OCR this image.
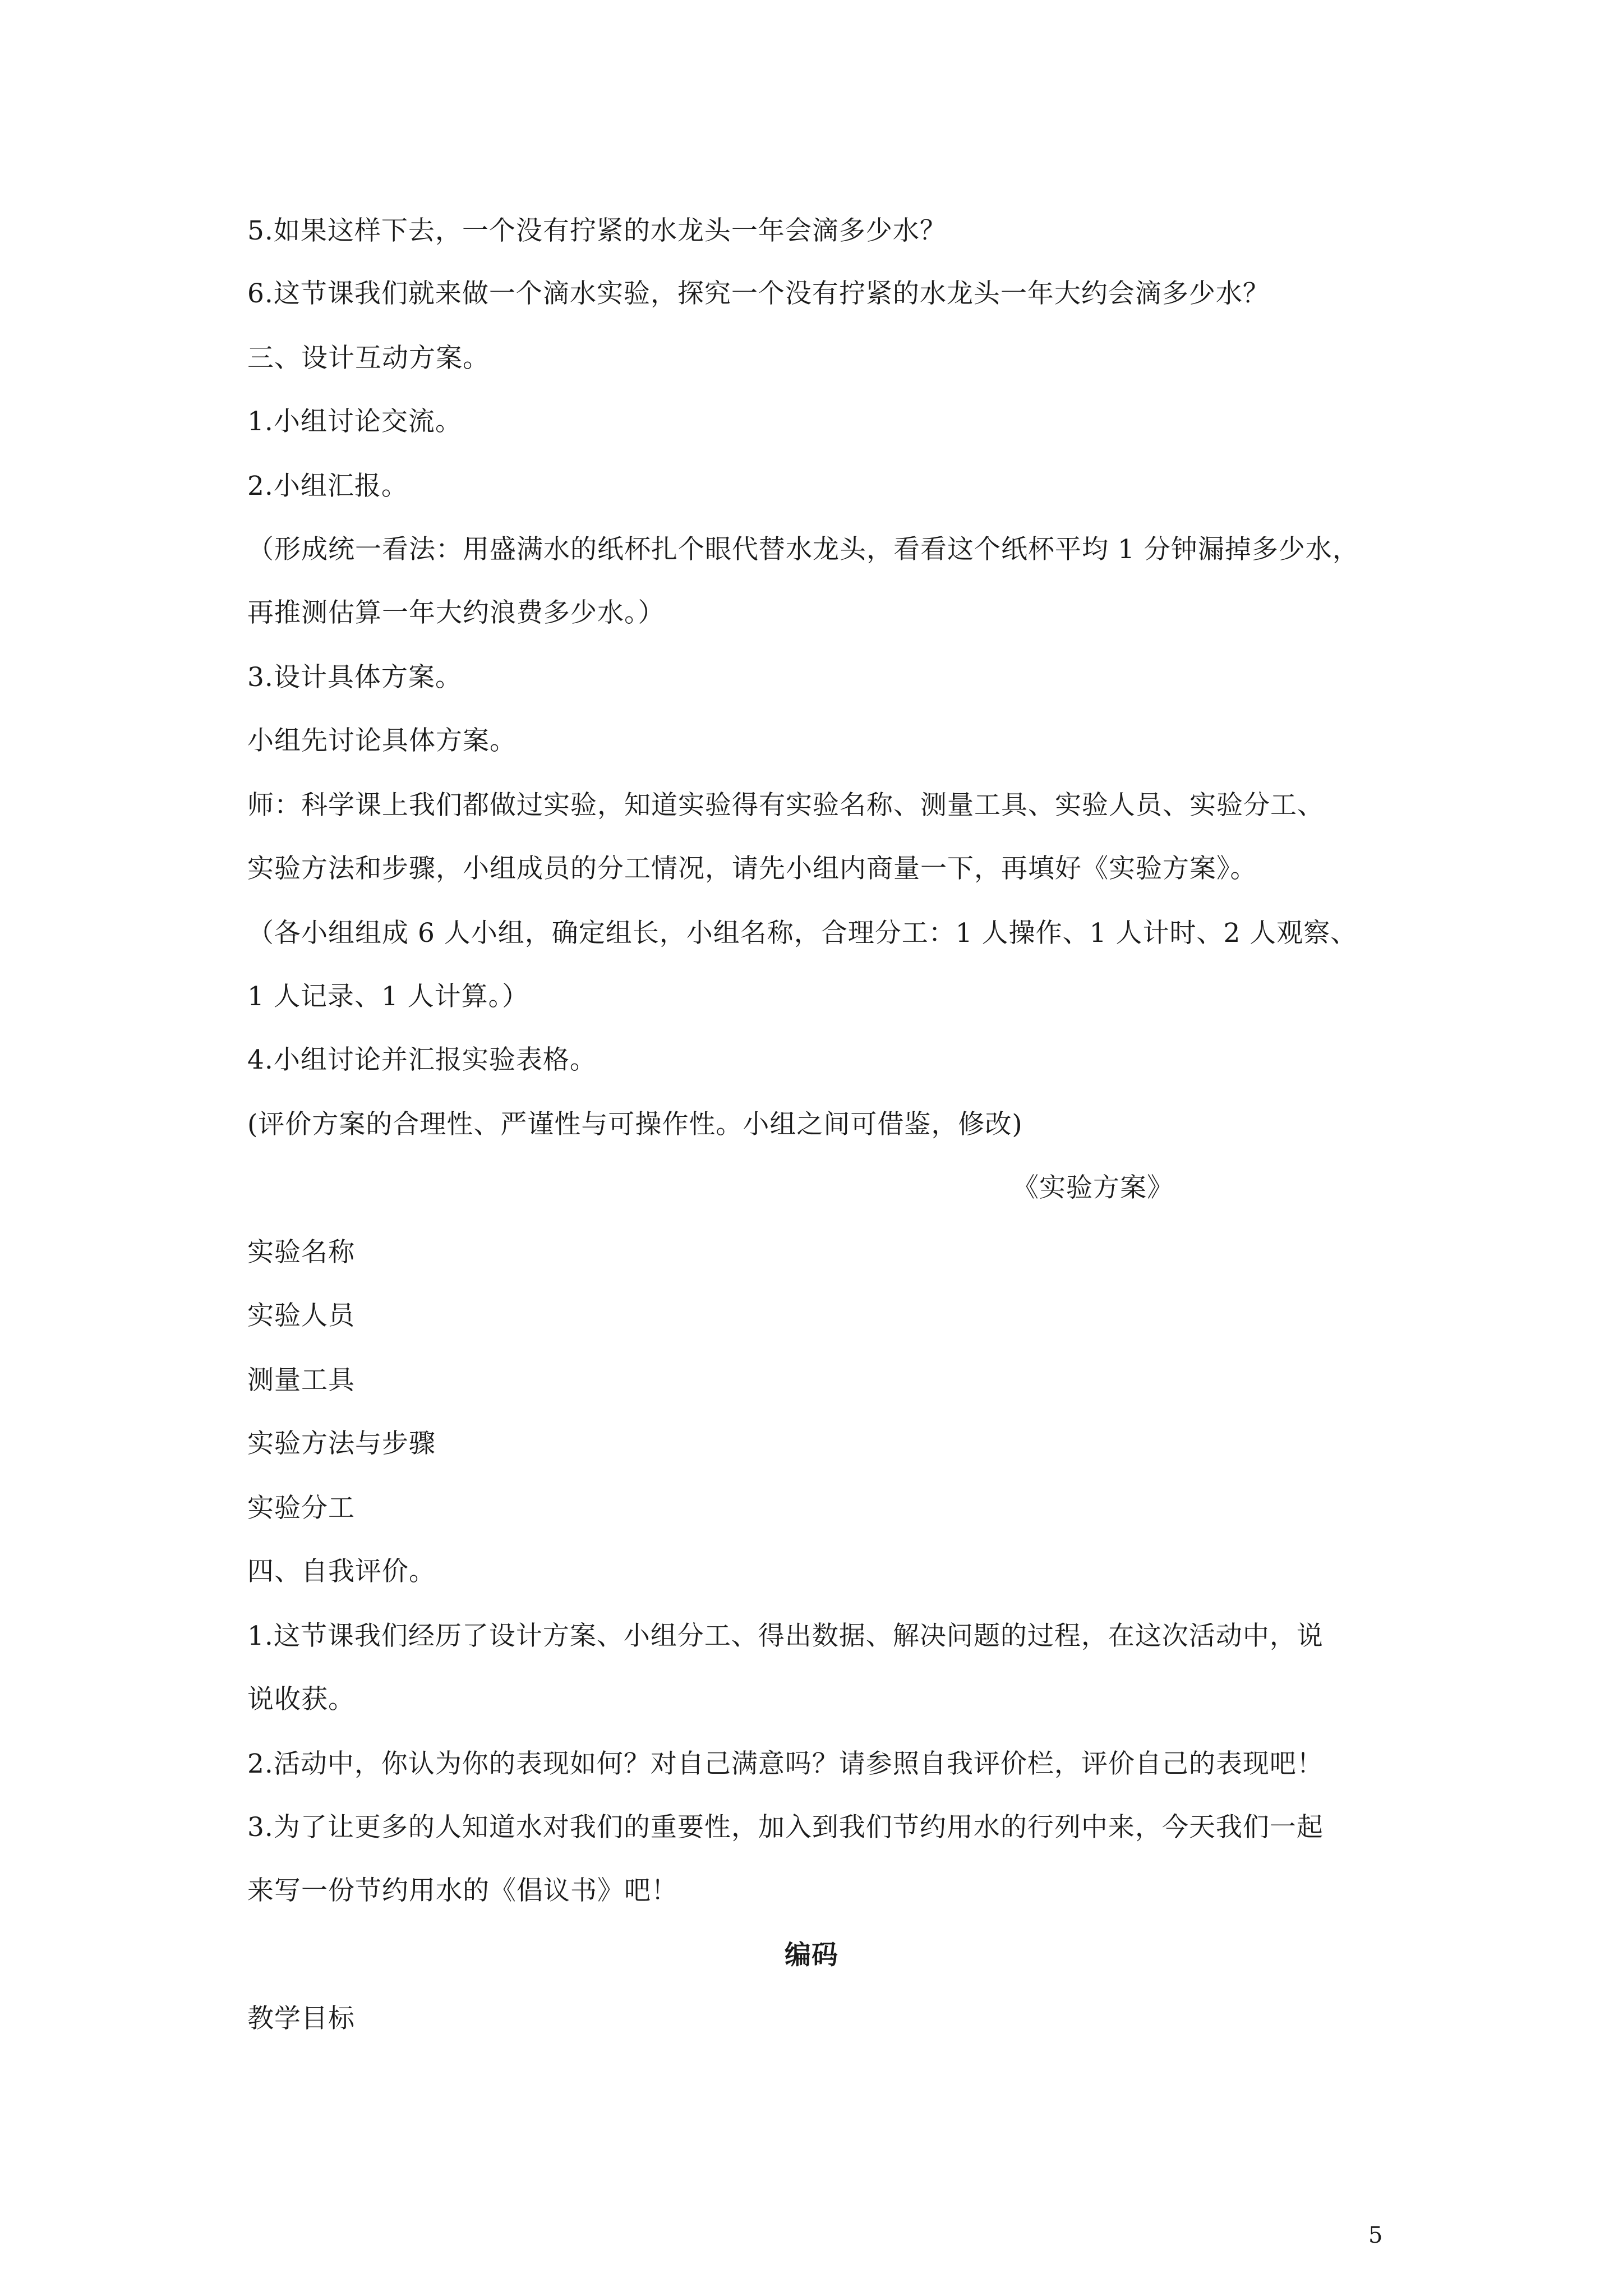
5.如果这样下去，一个没有拧紧的水龙头一年会滴多少水？
6.这节课我们就来做一个滴水实验，探究一个没有拧紧的水龙头一年大约会滴多少水？
三、设计互动方案。
1.小组讨论交流。
2.小组汇报。
（形成统一看法：用盛满水的纸杯扎个眼代替水龙头，看看这个纸杯平均 1 分钟漏掉多少水，
再推测估算一年大约浪费多少水。）
3.设计具体方案。
小组先讨论具体方案。
师：科学课上我们都做过实验，知道实验得有实验名称、测量工具、实验人员、实验分工、
实验方法和步骤，小组成员的分工情况，请先小组内商量一下，再填好《实验方案》。
（各小组组成 6 人小组，确定组长，小组名称，合理分工：1 人操作、1 人计时、2 人观察、
1 人记录、1 人计算。）
4.小组讨论并汇报实验表格。
(评价方案的合理性、严谨性与可操作性。小组之间可借鉴，修改)
《实验方案》
实验名称
实验人员
测量工具
实验方法与步骤
实验分工
四、自我评价。
1.这节课我们经历了设计方案、小组分工、得出数据、解决问题的过程，在这次活动中，说
说收获。
2.活动中，你认为你的表现如何？对自己满意吗？请参照自我评价栏，评价自己的表现吧！
3.为了让更多的人知道水对我们的重要性，加入到我们节约用水的行列中来，今天我们一起
来写一份节约用水的《倡议书》吧！
编码
教学目标
5
